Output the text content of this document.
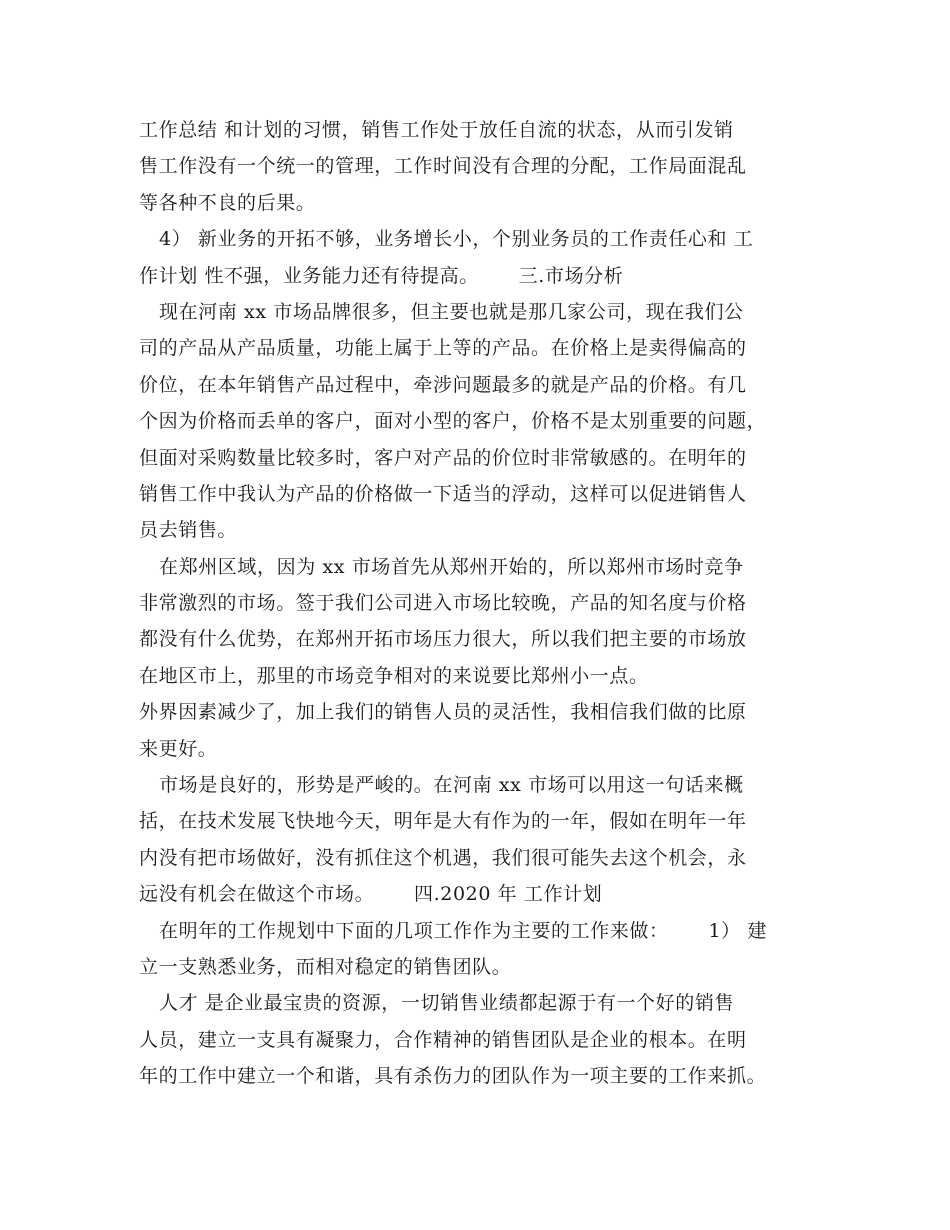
工作总结 和计划的习惯，销售工作处于放任自流的状态，从而引发销
售工作没有一个统一的管理，工作时间没有合理的分配，工作局面混乱
等各种不良的后果。
4） 新业务的开拓不够，业务增长小，个别业务员的工作责任心和 工
作计划 性不强，业务能力还有待提高。      三.市场分析
现在河南 xx 市场品牌很多，但主要也就是那几家公司，现在我们公
司的产品从产品质量，功能上属于上等的产品。在价格上是卖得偏高的
价位，在本年销售产品过程中，牵涉问题最多的就是产品的价格。有几
个因为价格而丢单的客户，面对小型的客户，价格不是太别重要的问题，
但面对采购数量比较多时，客户对产品的价位时非常敏感的。在明年的
销售工作中我认为产品的价格做一下适当的浮动，这样可以促进销售人
员去销售。
在郑州区域，因为 xx 市场首先从郑州开始的，所以郑州市场时竞争
非常激烈的市场。签于我们公司进入市场比较晚，产品的知名度与价格
都没有什么优势，在郑州开拓市场压力很大，所以我们把主要的市场放
在地区市上，那里的市场竞争相对的来说要比郑州小一点。
外界因素减少了，加上我们的销售人员的灵活性，我相信我们做的比原
来更好。
市场是良好的，形势是严峻的。在河南 xx 市场可以用这一句话来概
括，在技术发展飞快地今天，明年是大有作为的一年，假如在明年一年
内没有把市场做好，没有抓住这个机遇，我们很可能失去这个机会，永
远没有机会在做这个市场。      四.2020 年 工作计划
在明年的工作规划中下面的几项工作作为主要的工作来做：      1） 建
立一支熟悉业务，而相对稳定的销售团队。
人才 是企业最宝贵的资源，一切销售业绩都起源于有一个好的销售
人员，建立一支具有凝聚力，合作精神的销售团队是企业的根本。在明
年的工作中建立一个和谐，具有杀伤力的团队作为一项主要的工作来抓。
